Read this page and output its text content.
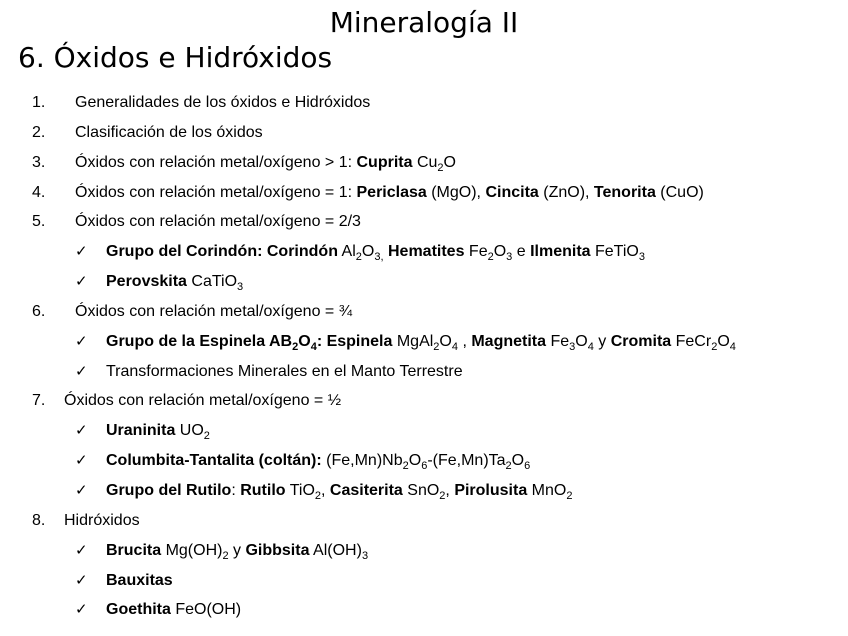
Mineralogía II
6. Óxidos e Hidróxidos
1. Generalidades de los óxidos e Hidróxidos
2. Clasificación de los óxidos
3. Óxidos con relación metal/oxígeno > 1: Cuprita $Cu_2O$
4. Óxidos con relación metal/oxígeno = 1: Periclasa (MgO), Cincita (ZnO), Tenorita (CuO)
5. Óxidos con relación metal/oxígeno = 2/3
✓ Grupo del Corindón: Corindón $Al_2O_{3,}$ Hematites $Fe_2O_3$ e Ilmenita FeTiO$_3$
✓ Perovskita CaTiO$_3$
6. Óxidos con relación metal/oxígeno = ¾
✓ Grupo de la Espinela $AB_2O_4$: Espinela $MgAl_2O_4$ , Magnetita $Fe_3O_4$ y Cromita $FeCr_2O_4$
✓ Transformaciones Minerales en el Manto Terrestre
7. Óxidos con relación metal/oxígeno = ½
✓ Uraninita $UO_2$
✓ Columbita-Tantalita (coltán): $(Fe,Mn)Nb_2O_6-(Fe,Mn)Ta_2O_6$
✓ Grupo del Rutilo: Rutilo TiO$_2$, Casiterita SnO$_2$, Pirolusita MnO$_2$
8. Hidróxidos
✓ Brucita $Mg(OH)_2$ y Gibbsita $Al(OH)_3$
✓ Bauxitas
✓ Goethita FeO(OH)
